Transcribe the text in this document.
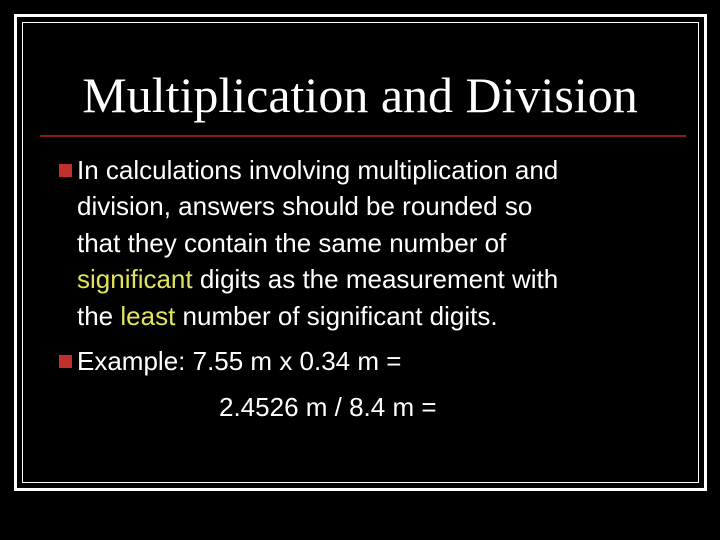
Multiplication and Division
In calculations involving multiplication and
division, answers should be rounded so
that they contain the same number of
significant digits as the measurement with
the least number of significant digits.
Example: 7.55 m x 0.34 m =
2.4526 m / 8.4 m =
